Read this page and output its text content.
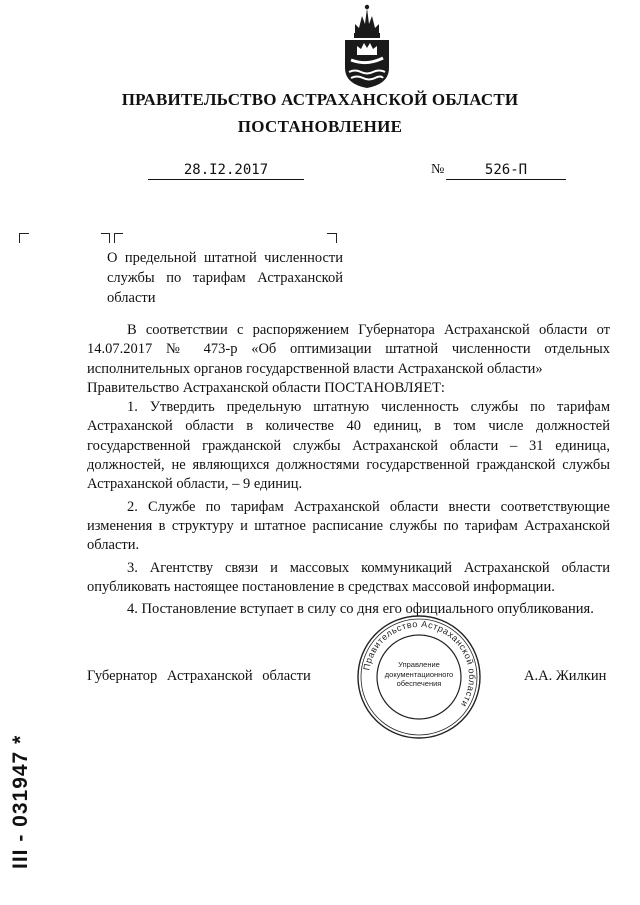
ПРАВИТЕЛЬСТВО АСТРАХАНСКОЙ ОБЛАСТИ
ПОСТАНОВЛЕНИЕ
28.I2.2017	№	526-П
О предельной штатной численности службы по тарифам Астраханской области

В соответствии с распоряжением Губернатора Астраханской области от 14.07.2017 № 473-р «Об оптимизации штатной численности отдельных исполнительных органов государственной власти Астраханской области»

Правительство Астраханской области ПОСТАНОВЛЯЕТ:

1. Утвердить предельную штатную численность службы по тарифам Астраханской области в количестве 40 единиц, в том числе должностей государственной гражданской службы Астраханской области – 31 единица, должностей, не являющихся должностями государственной гражданской службы Астраханской области, – 9 единиц.

2. Службе по тарифам Астраханской области внести соответствующие изменения в структуру и штатное расписание службы по тарифам Астраханской области.

3. Агентству связи и массовых коммуникаций Астраханской области опубликовать настоящее постановление в средствах массовой информации.

4. Постановление вступает в силу со дня его официального опубликования.

Правительство Астраханской области
Управление документационного обеспечения
Губернатор Астраханской области	А.А. Жилкин
III - 031947 *
